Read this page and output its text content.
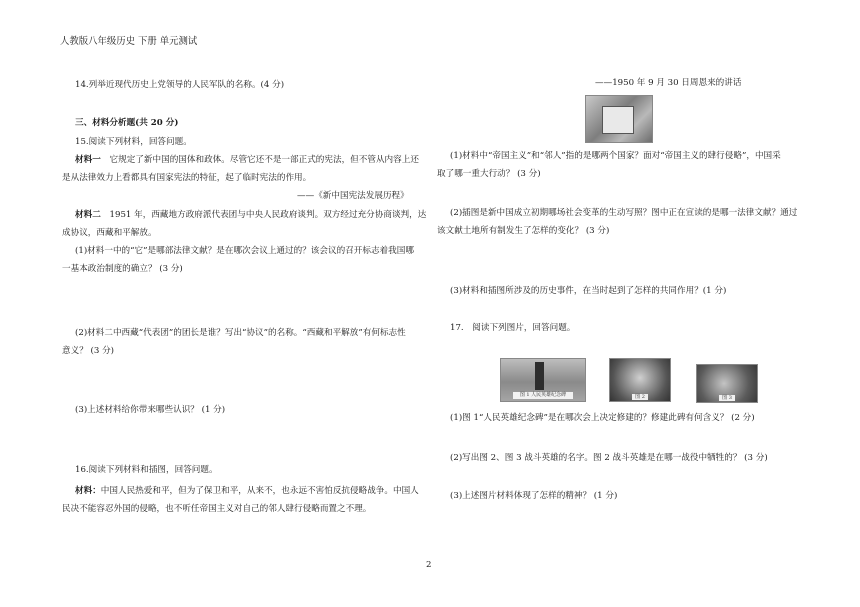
人教版八年级历史 下册 单元测试
14.列举近现代历史上党领导的人民军队的名称。(4 分)
三、材料分析题(共 20 分)
15.阅读下列材料，回答问题。
材料一 它规定了新中国的国体和政体。尽管它还不是一部正式的宪法，但不管从内容上还
是从法律效力上看都具有国家宪法的特征，起了临时宪法的作用。
——《新中国宪法发展历程》
材料二 1951 年，西藏地方政府派代表团与中央人民政府谈判。双方经过充分协商谈判，达
成协议，西藏和平解放。
(1)材料一中的“它”是哪部法律文献？是在哪次会议上通过的？该会议的召开标志着我国哪
一基本政治制度的确立？ (3 分)
(2)材料二中西藏“代表团”的团长是谁？写出“协议”的名称。“西藏和平解放”有何标志性
意义？ (3 分)
(3)上述材料给你带来哪些认识？ (1 分)
16.阅读下列材料和插图，回答问题。
材料：中国人民热爱和平，但为了保卫和平，从来不，也永远不害怕反抗侵略战争。中国人
民决不能容忍外国的侵略，也不听任帝国主义对自己的邻人肆行侵略而置之不理。
——1950 年 9 月 30 日周恩来的讲话
(1)材料中“帝国主义”和“邻人”指的是哪两个国家？面对“帝国主义的肆行侵略”，中国采
取了哪一重大行动？ (3 分)
(2)插图是新中国成立初期哪场社会变革的生动写照？图中正在宣读的是哪一法律文献？通过
该文献土地所有制发生了怎样的变化？ (3 分)
(3)材料和插图所涉及的历史事件，在当时起到了怎样的共同作用？(1 分)
17.　阅读下列图片，回答问题。
图 1 人民英雄纪念碑	图 2	图 3
(1)图 1“人民英雄纪念碑”是在哪次会上决定修建的？修建此碑有何含义？ (2 分)
(2)写出图 2、图 3 战斗英雄的名字。图 2 战斗英雄是在哪一战役中牺牲的？ (3 分)
(3)上述图片材料体现了怎样的精神？ (1 分)
2
